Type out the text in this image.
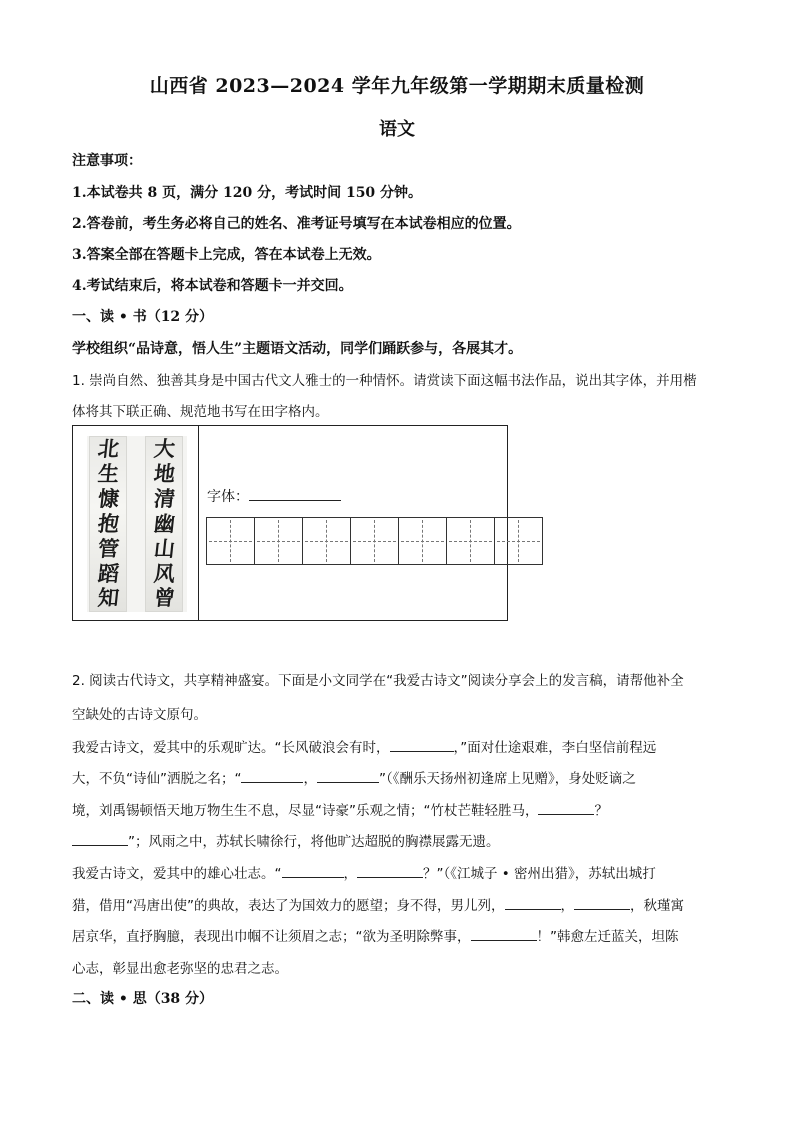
山西省 2023—2024 学年九年级第一学期期末质量检测
语文
注意事项：
1.本试卷共 8 页，满分 120 分，考试时间 150 分钟。
2.答卷前，考生务必将自己的姓名、准考证号填写在本试卷相应的位置。
3.答案全部在答题卡上完成，答在本试卷上无效。
4.考试结束后，将本试卷和答题卡一并交回。
一、读 • 书（12 分）
学校组织“品诗意，悟人生”主题语文活动，同学们踊跃参与，各展其才。
1. 崇尚自然、独善其身是中国古代文人雅士的一种情怀。请赏读下面这幅书法作品，说出其字体，并用楷
体将其下联正确、规范地书写在田字格内。
北
生
慷
抱
管
蹈
知
大
地
清
幽
山
风
曾
字体：
2. 阅读古代诗文，共享精神盛宴。下面是小文同学在“我爱古诗文”阅读分享会上的发言稿，请帮他补全
空缺处的古诗文原句。
我爱古诗文，爱其中的乐观旷达。“长风破浪会有时，	，”面对仕途艰难，李白坚信前程远
大，不负“诗仙”洒脱之名；“	，	”（《酬乐天扬州初逢席上见赠》，身处贬谪之
境，刘禹锡顿悟天地万物生生不息，尽显“诗豪”乐观之情；“竹杖芒鞋轻胜马，	？
”；风雨之中，苏轼长啸徐行，将他旷达超脱的胸襟展露无遗。
我爱古诗文，爱其中的雄心壮志。“	，	？”（《江城子 • 密州出猎》，苏轼出城打
猎，借用“冯唐出使”的典故，表达了为国效力的愿望；身不得，男儿列，	，	，秋瑾寓
居京华，直抒胸臆，表现出巾帼不让须眉之志；“欲为圣明除弊事，	！”韩愈左迁蓝关，坦陈
心志，彰显出愈老弥坚的忠君之志。
二、读 • 思（38 分）
